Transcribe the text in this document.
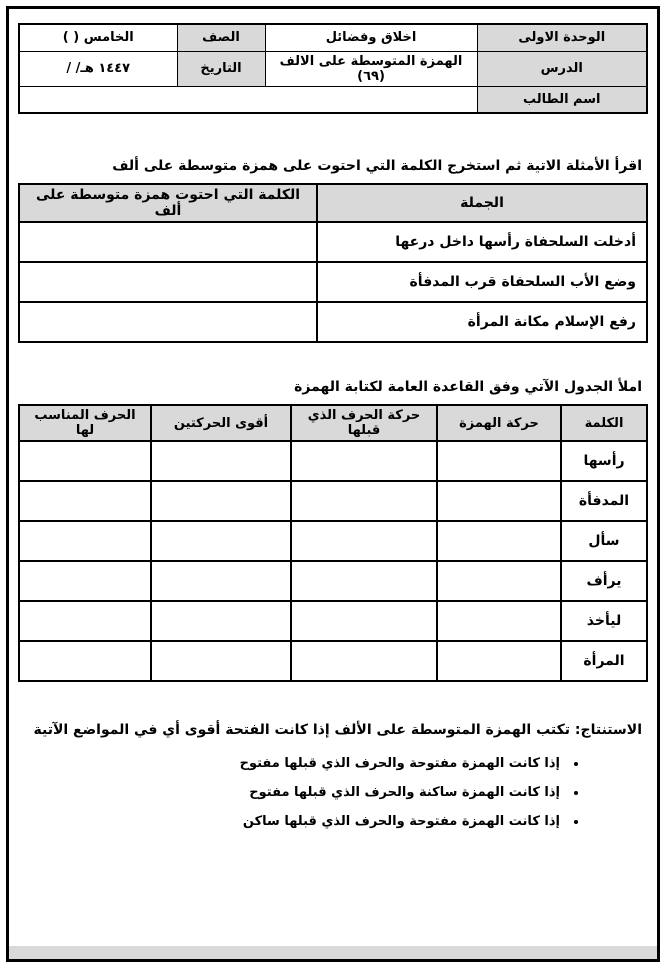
الوحدة الاولى	اخلاق وفضائل	الصف	الخامس ( )
الدرس	الهمزة المتوسطة على الالف (٦٩)	التاريخ	/ /١٤٤٧ هـ
اسم الطالب			

اقرأ الأمثلة الاتية ثم استخرج الكلمة التي احتوت على همزة متوسطة على ألف

الجملة	الكلمة التي احتوت همزة متوسطة على ألف
أدخلت السلحفاة رأسها داخل درعها	
وضع الأب السلحفاة قرب المدفأة	
رفع الإسلام مكانة المرأة	

املأ الجدول الآتي وفق القاعدة العامة لكتابة الهمزة

الكلمة	حركة الهمزة	حركة الحرف الذي قبلها	أقوى الحركتين	الحرف المناسب لها
رأسها				
المدفأة				
سأل				
يرأف				
ليأخذ				
المرأة				

الاستنتاج: تكتب الهمزة المتوسطة على الألف إذا كانت الفتحة أقوى أي في المواضع الآتية

• إذا كانت الهمزة مفتوحة والحرف الذي قبلها مفتوح
• إذا كانت الهمزة ساكنة والحرف الذي قبلها مفتوح
• إذا كانت الهمزة مفتوحة والحرف الذي قبلها ساكن
